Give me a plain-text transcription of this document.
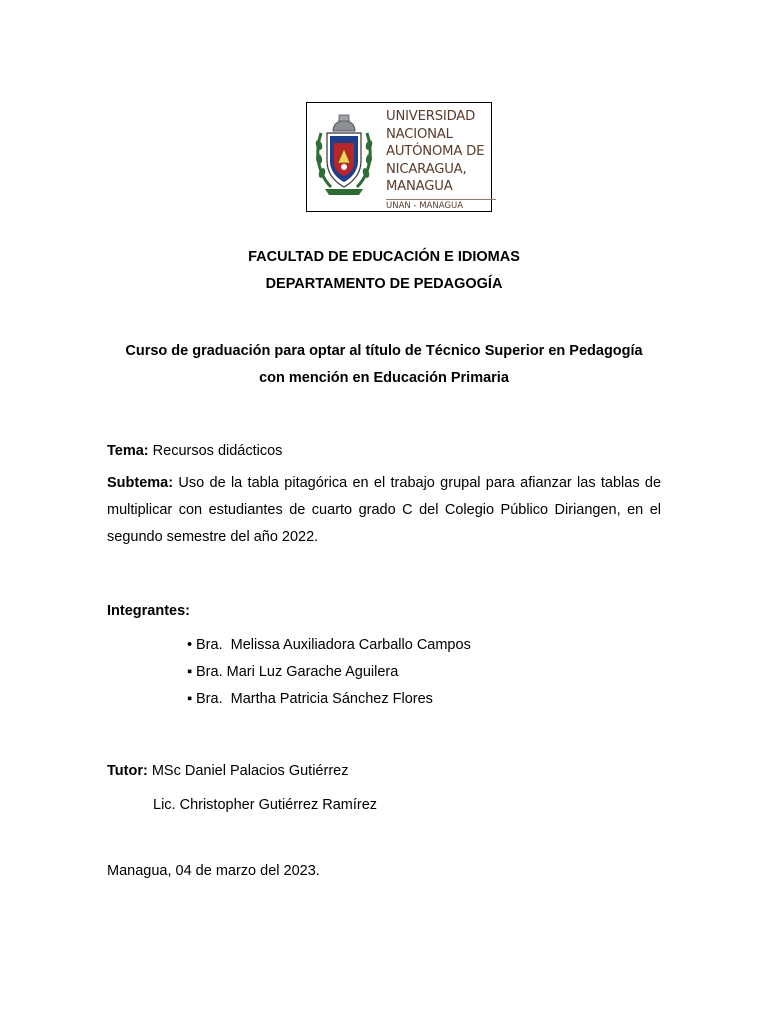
UNIVERSIDAD
NACIONAL
AUTÓNOMA DE
NICARAGUA,
MANAGUA
UNAN - MANAGUA
FACULTAD DE EDUCACIÓN E IDIOMAS
DEPARTAMENTO DE PEDAGOGÍA
Curso de graduación para optar al título de Técnico Superior en Pedagogía
con mención en Educación Primaria
Tema: Recursos didácticos
Subtema: Uso de la tabla pitagórica en el trabajo grupal para afianzar las tablas de multiplicar con estudiantes de cuarto grado C del Colegio Público Diriangen, en el segundo semestre del año 2022.
Integrantes:
• Bra.  Melissa Auxiliadora Carballo Campos
▪ Bra. Mari Luz Garache Aguilera
▪ Bra.  Martha Patricia Sánchez Flores
Tutor: MSc Daniel Palacios Gutiérrez
Lic. Christopher Gutiérrez Ramírez
Managua, 04 de marzo del 2023.
